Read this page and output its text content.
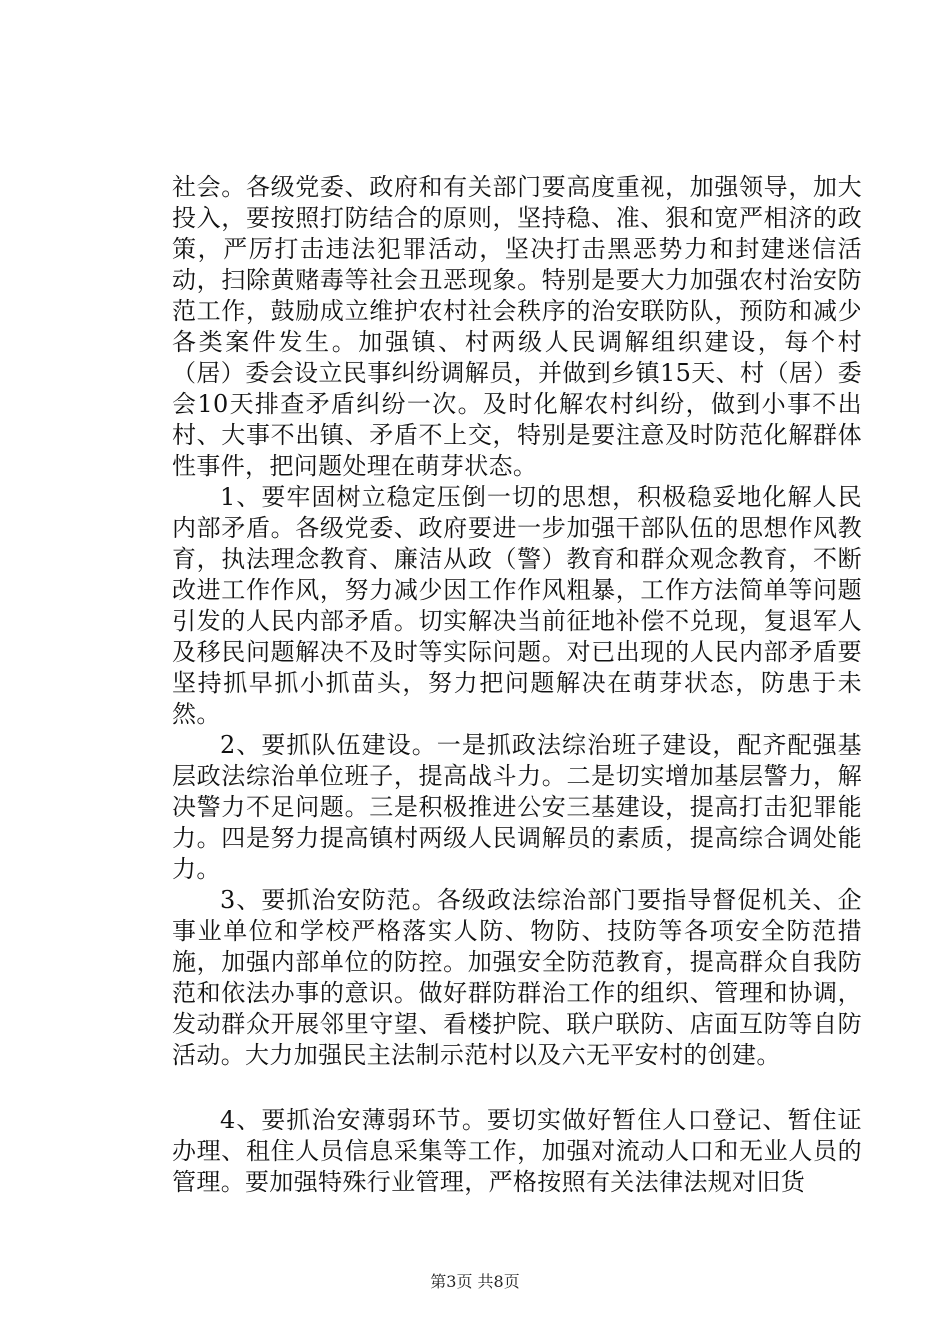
社会。各级党委、政府和有关部门要高度重视，加强领导，加大投入，要按照打防结合的原则，坚持稳、准、狠和宽严相济的政策，严厉打击违法犯罪活动，坚决打击黑恶势力和封建迷信活动，扫除黄赌毒等社会丑恶现象。特别是要大力加强农村治安防范工作，鼓励成立维护农村社会秩序的治安联防队，预防和减少各类案件发生。加强镇、村两级人民调解组织建设，每个村（居）委会设立民事纠纷调解员，并做到乡镇15天、村（居）委会10天排查矛盾纠纷一次。及时化解农村纠纷，做到小事不出村、大事不出镇、矛盾不上交，特别是要注意及时防范化解群体性事件，把问题处理在萌芽状态。

1、要牢固树立稳定压倒一切的思想，积极稳妥地化解人民内部矛盾。各级党委、政府要进一步加强干部队伍的思想作风教育，执法理念教育、廉洁从政（警）教育和群众观念教育，不断改进工作作风，努力减少因工作作风粗暴，工作方法简单等问题引发的人民内部矛盾。切实解决当前征地补偿不兑现，复退军人及移民问题解决不及时等实际问题。对已出现的人民内部矛盾要坚持抓早抓小抓苗头，努力把问题解决在萌芽状态，防患于未然。

2、要抓队伍建设。一是抓政法综治班子建设，配齐配强基层政法综治单位班子，提高战斗力。二是切实增加基层警力，解决警力不足问题。三是积极推进公安三基建设，提高打击犯罪能力。四是努力提高镇村两级人民调解员的素质，提高综合调处能力。

3、要抓治安防范。各级政法综治部门要指导督促机关、企事业单位和学校严格落实人防、物防、技防等各项安全防范措施，加强内部单位的防控。加强安全防范教育，提高群众自我防范和依法办事的意识。做好群防群治工作的组织、管理和协调，发动群众开展邻里守望、看楼护院、联户联防、店面互防等自防活动。大力加强民主法制示范村以及六无平安村的创建。

4、要抓治安薄弱环节。要切实做好暂住人口登记、暂住证办理、租住人员信息采集等工作，加强对流动人口和无业人员的管理。要加强特殊行业管理，严格按照有关法律法规对旧货

第3页 共8页
